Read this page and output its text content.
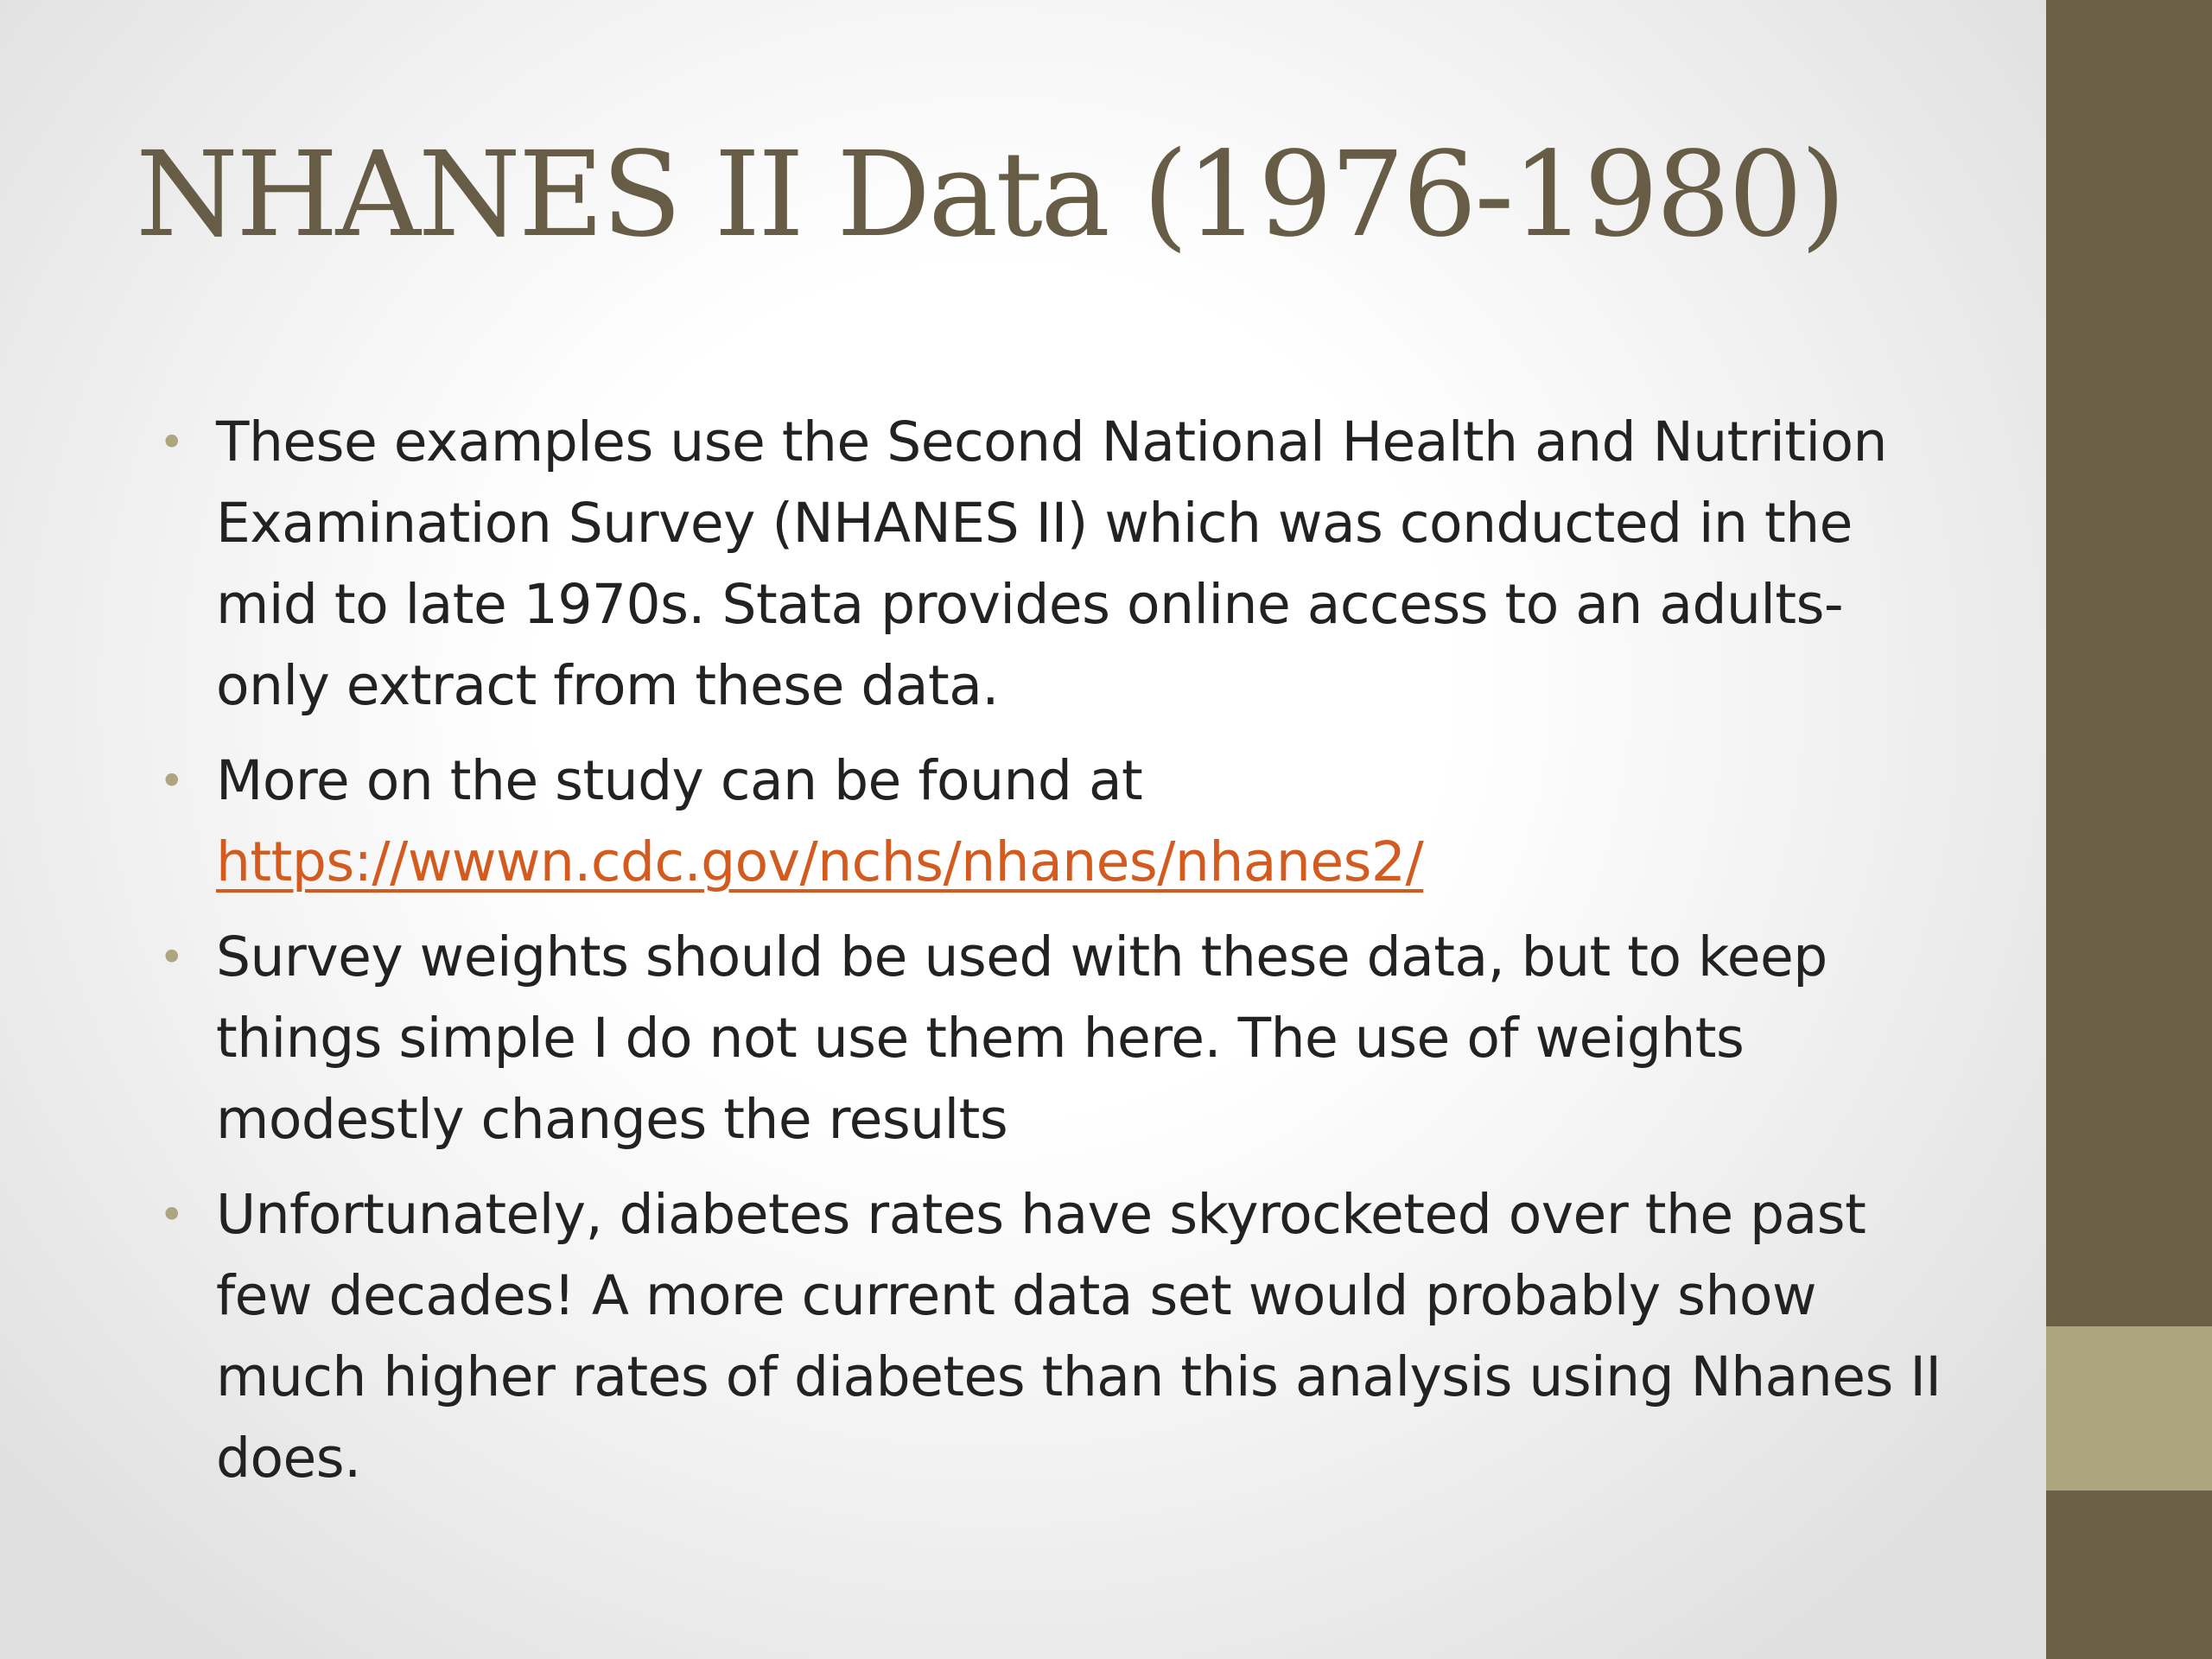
NHANES II Data (1976-1980)
• These examples use the Second National Health and Nutrition Examination Survey (NHANES II) which was conducted in the mid to late 1970s. Stata provides online access to an adults-only extract from these data.
• More on the study can be found at
https://wwwn.cdc.gov/nchs/nhanes/nhanes2/
• Survey weights should be used with these data, but to keep things simple I do not use them here. The use of weights modestly changes the results
• Unfortunately, diabetes rates have skyrocketed over the past few decades! A more current data set would probably show much higher rates of diabetes than this analysis using Nhanes II does.
